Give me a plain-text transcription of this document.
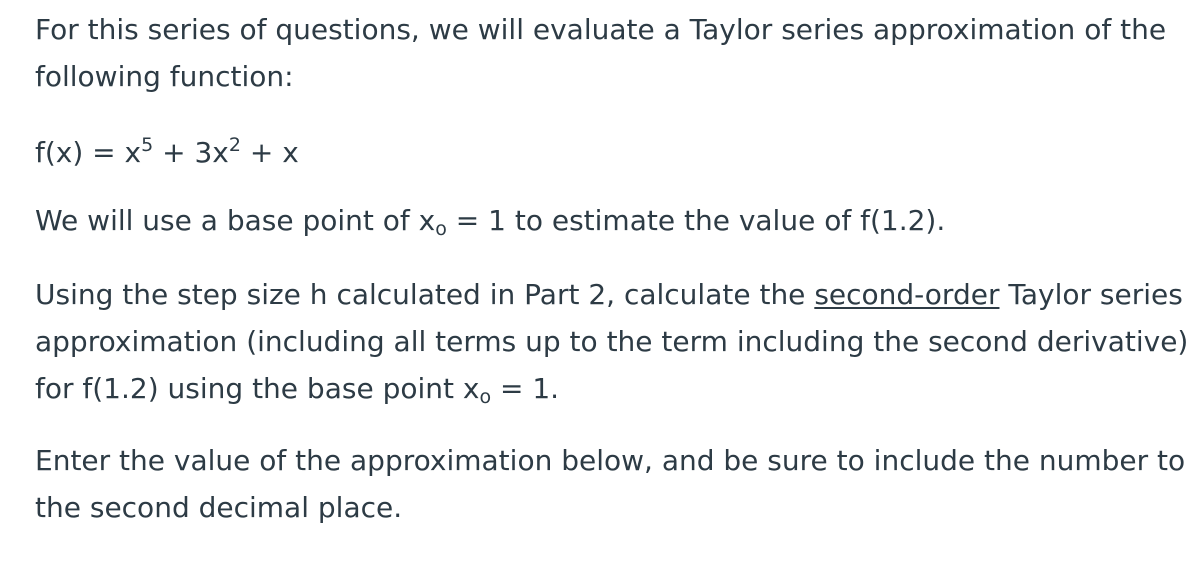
For this series of questions, we will evaluate a Taylor series approximation of the
following function:

$f(x) = x^5 + 3x^2 + x$

We will use a base point of $x_o = 1$ to estimate the value of f(1.2).

Using the step size h calculated in Part 2, calculate the second-order Taylor series
approximation (including all terms up to the term including the second derivative)
for f(1.2) using the base point $x_o = 1$.

Enter the value of the approximation below, and be sure to include the number to
the second decimal place.
